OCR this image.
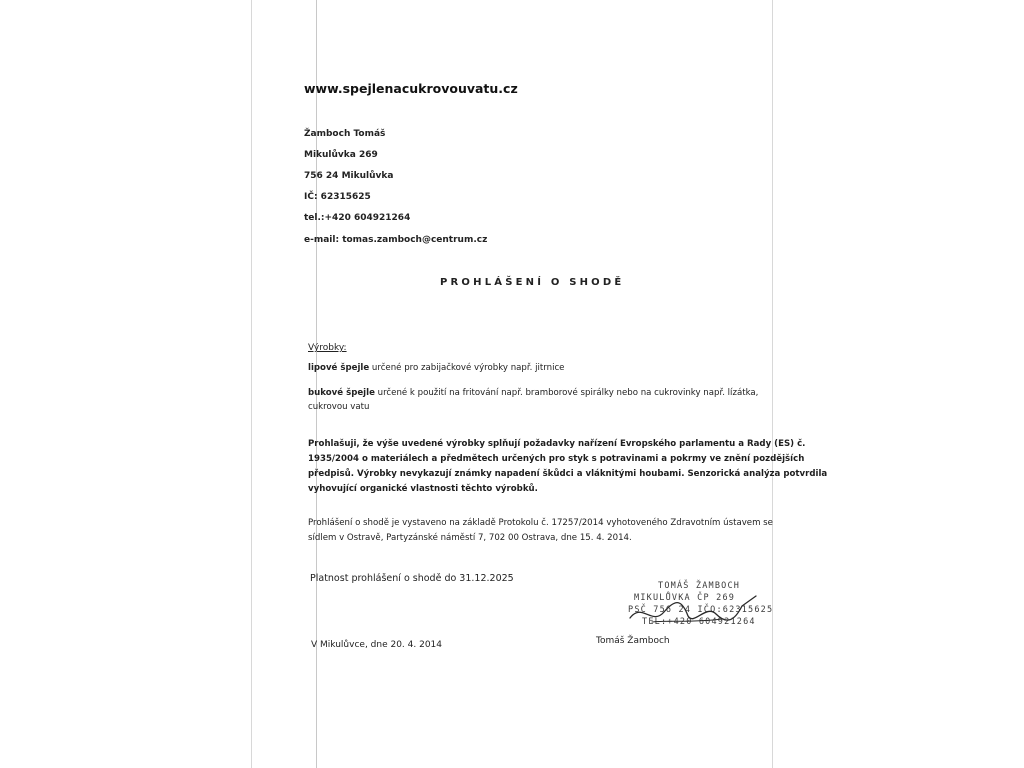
www.spejlenacukrovouvatu.cz
Žamboch Tomáš
Mikulůvka 269
756 24 Mikulůvka
IČ: 62315625
tel.:+420 604921264
e-mail: tomas.zamboch@centrum.cz
PROHLÁŠENÍ O SHODĚ
Výrobky:
lipové špejle určené pro zabijačkové výrobky např. jitrnice
bukové špejle určené k použití na fritování např. bramborové spirálky nebo na cukrovinky např. lízátka,
cukrovou vatu
Prohlašuji, že výše uvedené výrobky splňují požadavky nařízení Evropského parlamentu a Rady (ES) č.
1935/2004 o materiálech a předmětech určených pro styk s potravinami a pokrmy ve znění pozdějších
předpisů. Výrobky nevykazují známky napadení škůdci a vláknitými houbami. Senzorická analýza potvrdila
vyhovující organické vlastnosti těchto výrobků.
Prohlášení o shodě je vystaveno na základě Protokolu č. 17257/2014 vyhotoveného Zdravotním ústavem se
sídlem v Ostravě, Partyzánské náměstí 7, 702 00 Ostrava, dne 15. 4. 2014.
Platnost prohlášení o shodě do 31.12.2025
V Mikulůvce, dne 20. 4. 2014	Tomáš Žamboch
TOMÁŠ ŽAMBOCH
MIKULŮVKA ČP 269
PSČ 756 24 IČO:62315625
TEL:+420 604921264
